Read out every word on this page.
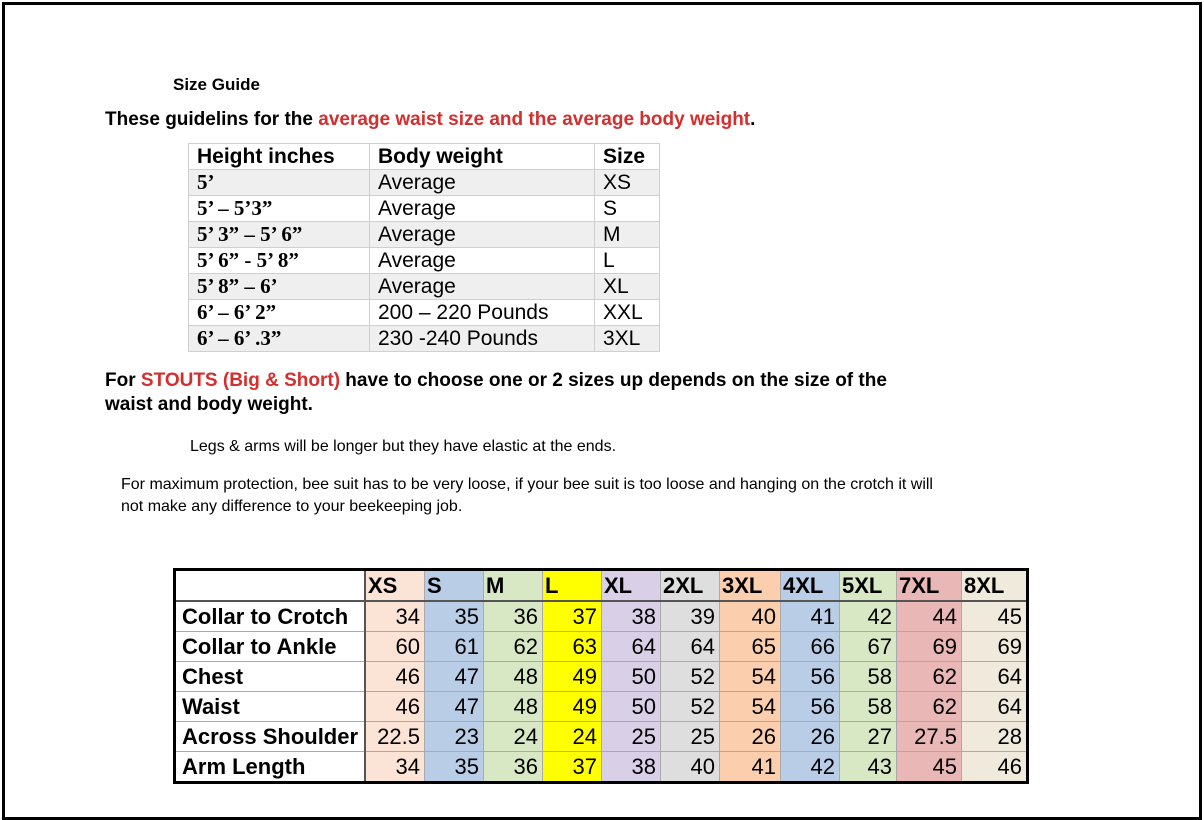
Size Guide
These guidelins for the average waist size and the average body weight.
Height inches	Body weight	Size
5’	Average	XS
5’ – 5’3”	Average	S
5’ 3” – 5’ 6”	Average	M
5’ 6” - 5’ 8”	Average	L
5’ 8” – 6’	Average	XL
6’ – 6’ 2”	200 – 220 Pounds	XXL
6’ – 6’ .3”	230 -240 Pounds	3XL
For STOUTS (Big & Short) have to choose one or 2 sizes up depends on the size of the waist and body weight.
Legs & arms will be longer but they have elastic at the ends.
For maximum protection, bee suit has to be very loose, if your bee suit is too loose and hanging on the crotch it will not make any difference to your beekeeping job.
	XS	S	M	L	XL	2XL	3XL	4XL	5XL	7XL	8XL
Collar to Crotch	34	35	36	37	38	39	40	41	42	44	45
Collar to Ankle	60	61	62	63	64	64	65	66	67	69	69
Chest	46	47	48	49	50	52	54	56	58	62	64
Waist	46	47	48	49	50	52	54	56	58	62	64
Across Shoulder	22.5	23	24	24	25	25	26	26	27	27.5	28
Arm Length	34	35	36	37	38	40	41	42	43	45	46
